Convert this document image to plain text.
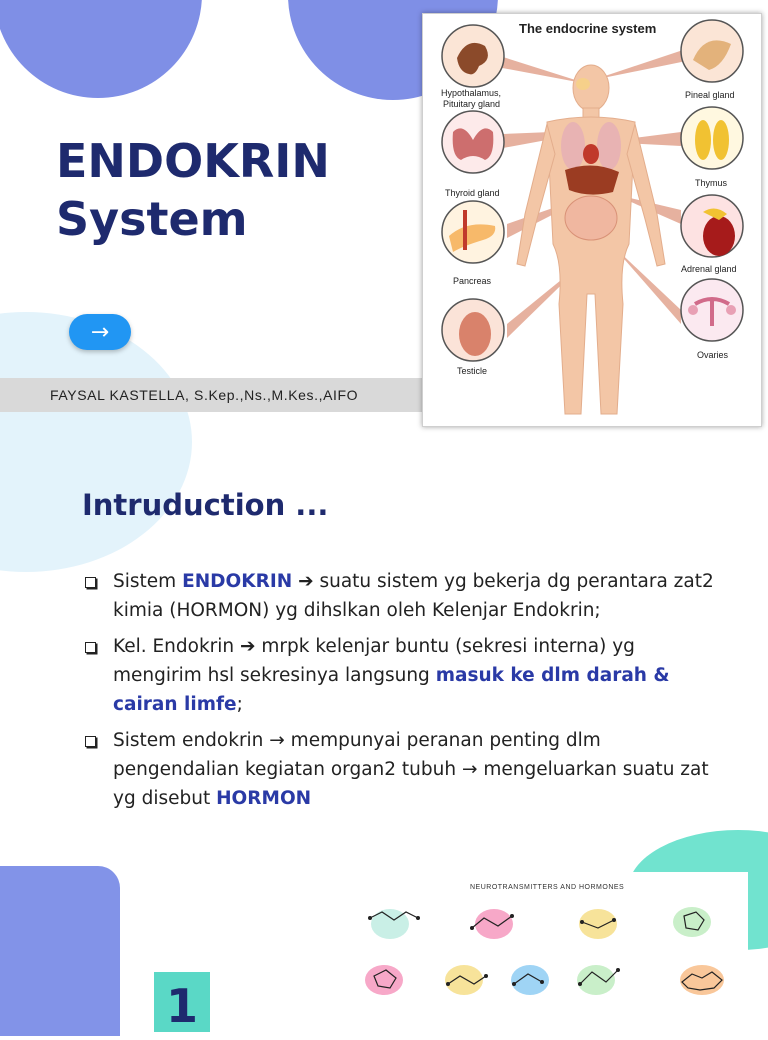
ENDOKRIN
System
→
FAYSAL KASTELLA, S.Kep.,Ns.,M.Kes.,AIFO
The endocrine system
Hypothalamus,
Pituitary gland
Pineal gland
Thyroid gland
Thymus
Pancreas
Adrenal gland
Testicle
Ovaries
Intruduction ...
Sistem ENDOKRIN ➔ suatu sistem yg bekerja dg perantara zat2 kimia (HORMON) yg dihslkan oleh Kelenjar Endokrin;
Kel. Endokrin ➔ mrpk kelenjar buntu (sekresi interna) yg mengirim hsl sekresinya langsung masuk ke dlm darah & cairan limfe;
Sistem endokrin → mempunyai peranan penting dlm pengendalian kegiatan organ2 tubuh → mengeluarkan suatu zat yg disebut HORMON
NEUROTRANSMITTERS AND HORMONES
1
